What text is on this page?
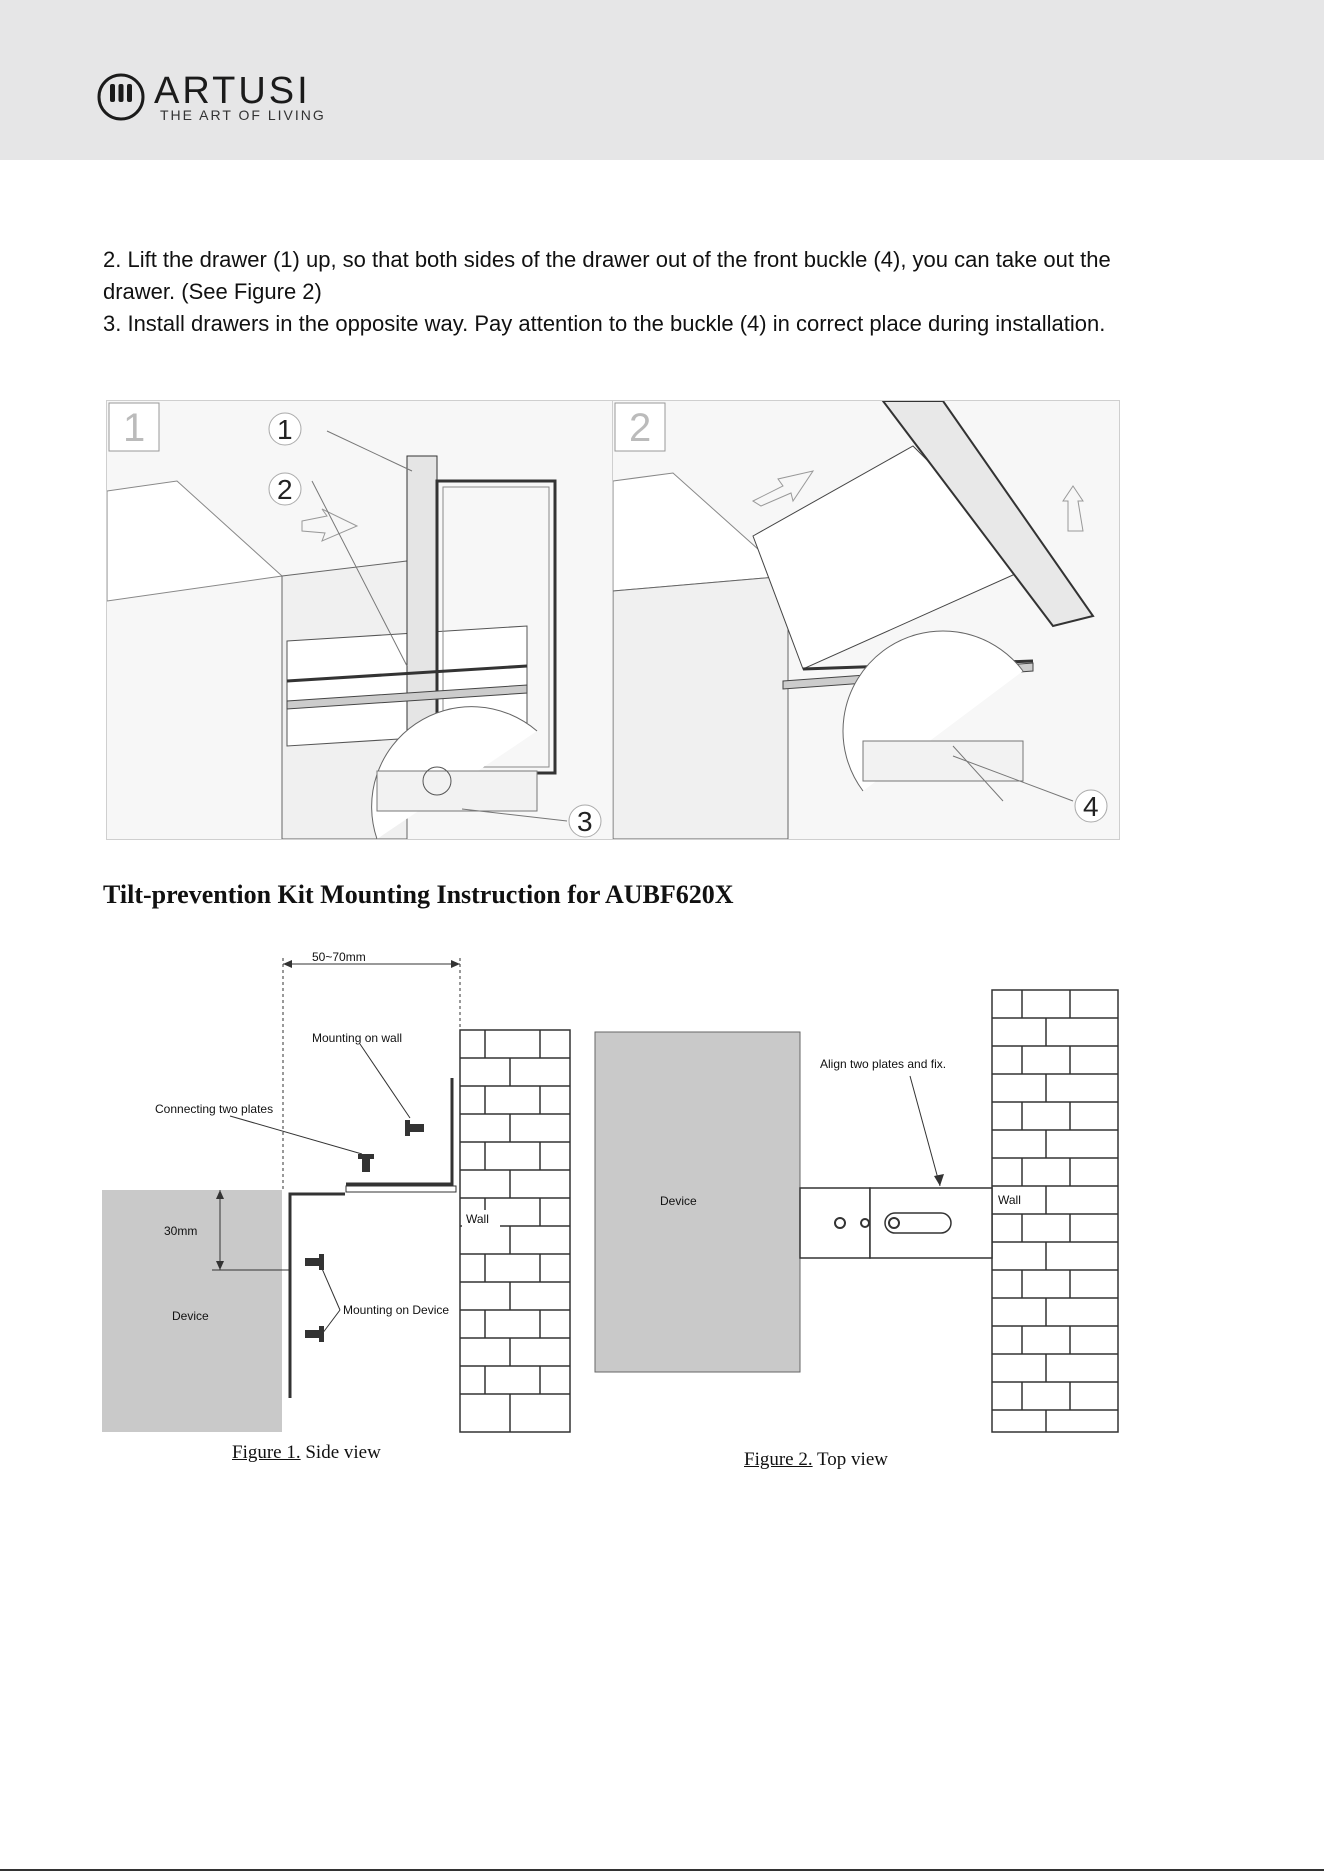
ARTUSI
THE ART OF LIVING

2. Lift the drawer (1) up, so that both sides of the drawer out of the front buckle (4), you can take out the drawer. (See Figure 2)

3. Install drawers in the opposite way. Pay attention to the buckle (4) in correct place during installation.

1	1
2
3
2
4
Tilt-prevention Kit Mounting Instruction for AUBF620X
50~70mm
30mm
Mounting on wall
Connecting two plates
Wall
Device	Mounting on Device
Figure 1. Side view
Align two plates and fix.
Device	Wall
Figure 2. Top view
